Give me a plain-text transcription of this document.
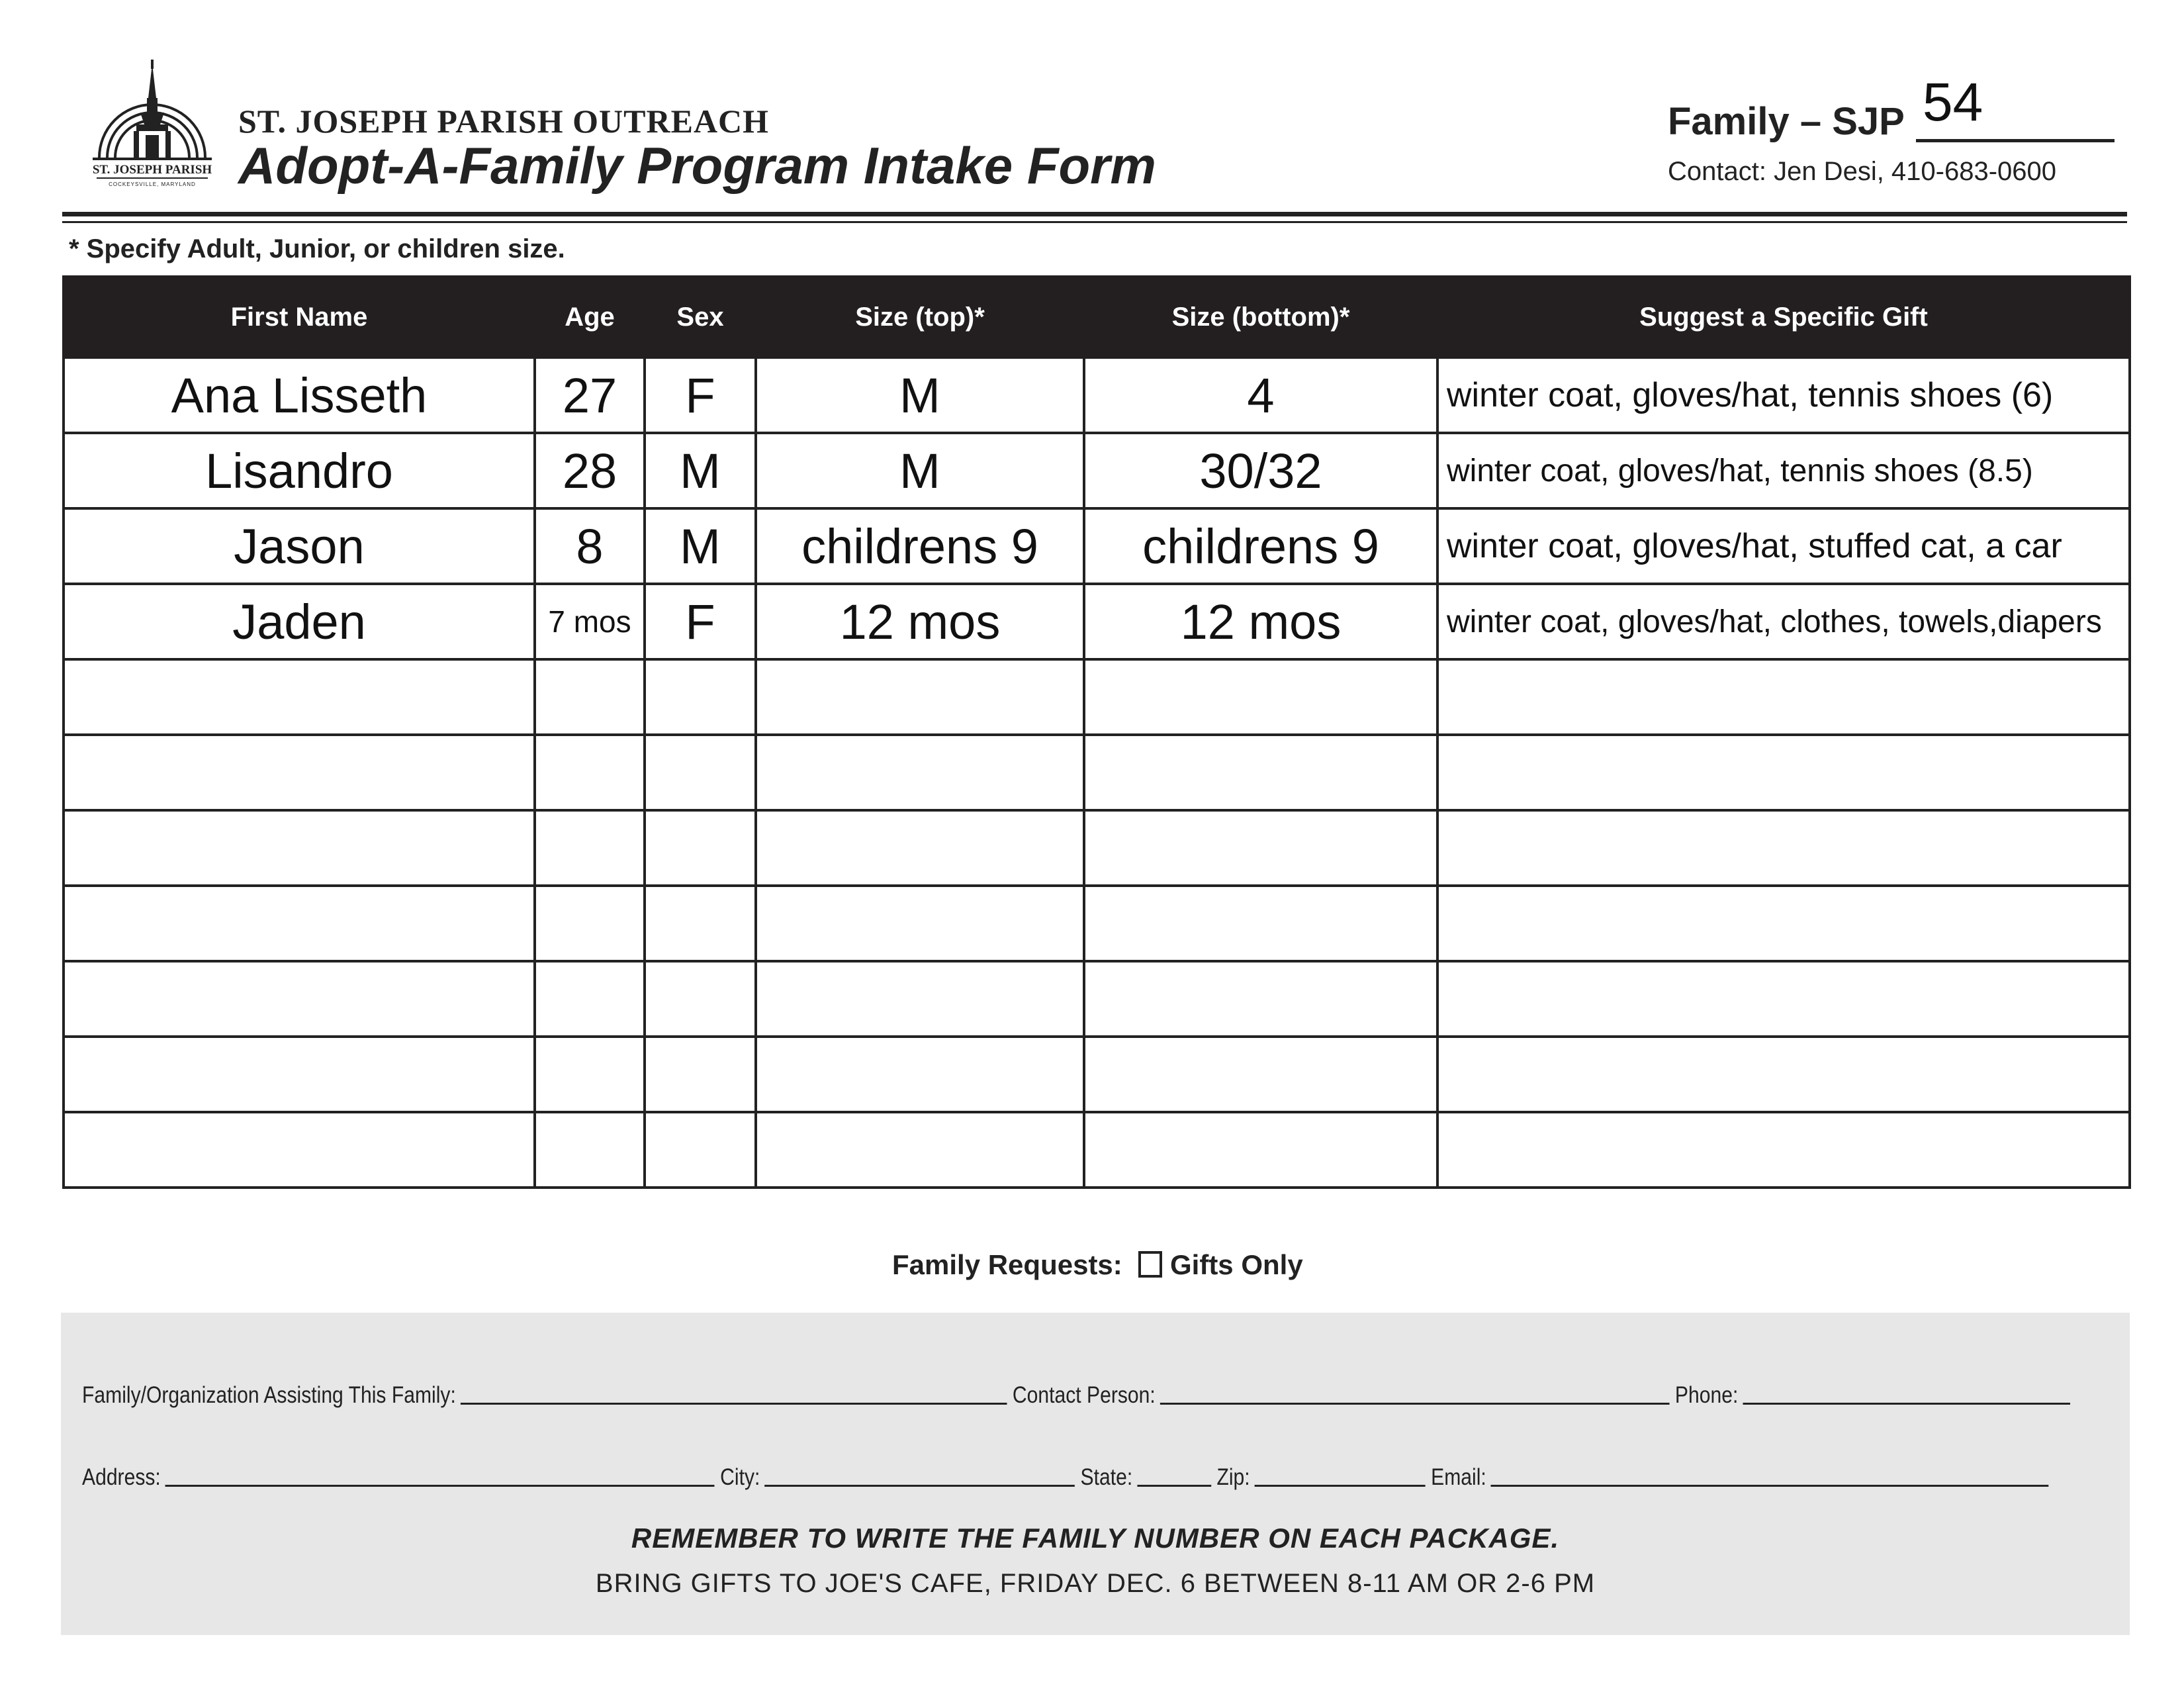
ST. JOSEPH PARISH
COCKEYSVILLE, MARYLAND
ST. JOSEPH PARISH OUTREACH
Adopt-A-Family Program Intake Form
Family – SJP 54
Contact: Jen Desi, 410-683-0600
* Specify Adult, Junior, or children size.
First Name	Age	Sex	Size (top)*	Size (bottom)*	Suggest a Specific Gift
Ana Lisseth	27	F	M	4	winter coat, gloves/hat, tennis shoes (6)
Lisandro	28	M	M	30/32	winter coat, gloves/hat, tennis shoes (8.5)
Jason	8	M	childrens 9	childrens 9	winter coat, gloves/hat, stuffed cat, a car
Jaden	7 mos	F	12 mos	12 mos	winter coat, gloves/hat, clothes, towels,diapers

Family Requests: Gifts Only
Family/Organization Assisting This Family:	Contact Person:	Phone:
Address:	City:	State:	Zip:	Email:
REMEMBER TO WRITE THE FAMILY NUMBER ON EACH PACKAGE.
BRING GIFTS TO JOE'S CAFE, FRIDAY DEC. 6 BETWEEN 8-11 AM OR 2-6 PM
